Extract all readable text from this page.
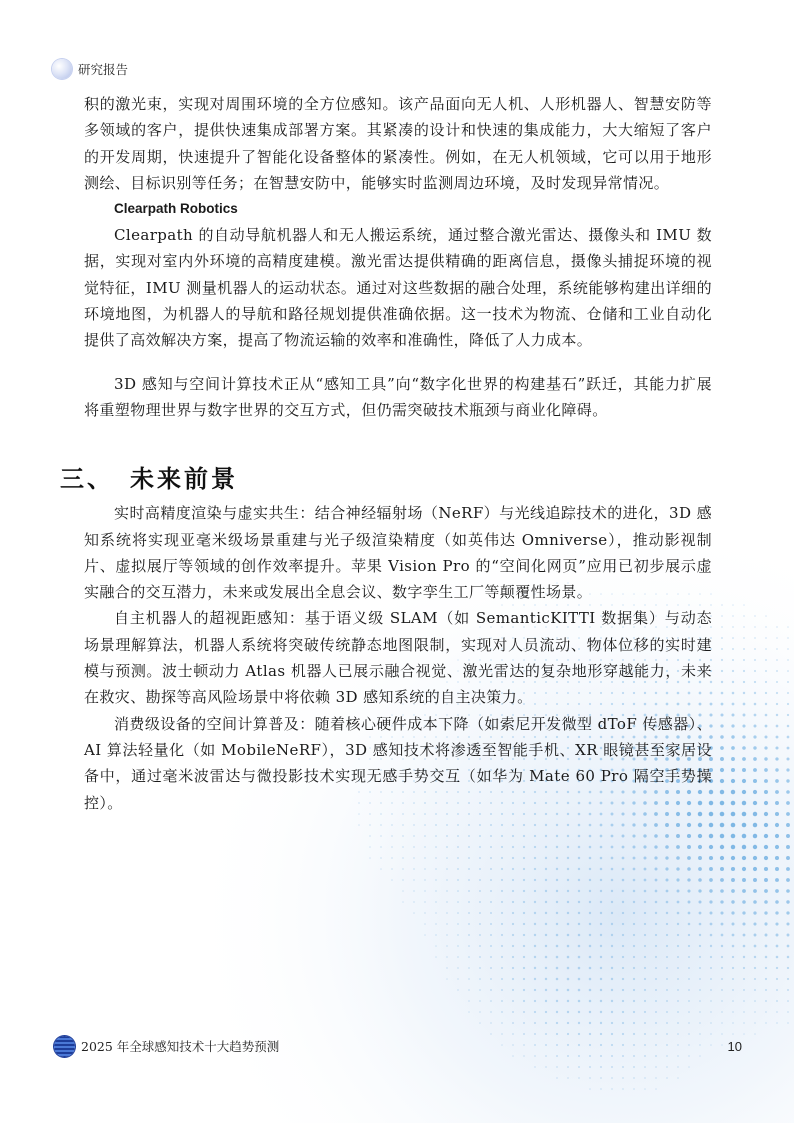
研究报告

积的激光束，实现对周围环境的全方位感知。该产品面向无人机、人形机器人、智慧安防等多领域的客户，提供快速集成部署方案。其紧凑的设计和快速的集成能力，大大缩短了客户的开发周期，快速提升了智能化设备整体的紧凑性。例如，在无人机领域，它可以用于地形测绘、目标识别等任务；在智慧安防中，能够实时监测周边环境，及时发现异常情况。

Clearpath Robotics

Clearpath 的自动导航机器人和无人搬运系统，通过整合激光雷达、摄像头和 IMU 数据，实现对室内外环境的高精度建模。激光雷达提供精确的距离信息，摄像头捕捉环境的视觉特征，IMU 测量机器人的运动状态。通过对这些数据的融合处理，系统能够构建出详细的环境地图，为机器人的导航和路径规划提供准确依据。这一技术为物流、仓储和工业自动化提供了高效解决方案，提高了物流运输的效率和准确性，降低了人力成本。

3D 感知与空间计算技术正从“感知工具”向“数字化世界的构建基石”跃迁，其能力扩展将重塑物理世界与数字世界的交互方式，但仍需突破技术瓶颈与商业化障碍。

三、 未来前景

实时高精度渲染与虚实共生：结合神经辐射场（NeRF）与光线追踪技术的进化，3D 感知系统将实现亚毫米级场景重建与光子级渲染精度（如英伟达 Omniverse），推动影视制片、虚拟展厅等领域的创作效率提升。苹果 Vision Pro 的“空间化网页”应用已初步展示虚实融合的交互潜力，未来或发展出全息会议、数字孪生工厂等颠覆性场景。

自主机器人的超视距感知：基于语义级 SLAM（如 SemanticKITTI 数据集）与动态场景理解算法，机器人系统将突破传统静态地图限制，实现对人员流动、物体位移的实时建模与预测。波士顿动力 Atlas 机器人已展示融合视觉、激光雷达的复杂地形穿越能力，未来在救灾、勘探等高风险场景中将依赖 3D 感知系统的自主决策力。

消费级设备的空间计算普及：随着核心硬件成本下降（如索尼开发微型 dToF 传感器）、AI 算法轻量化（如 MobileNeRF），3D 感知技术将渗透至智能手机、XR 眼镜甚至家居设备中，通过毫米波雷达与微投影技术实现无感手势交互（如华为 Mate 60 Pro 隔空手势操控）。

2025 年全球感知技术十大趋势预测	10
